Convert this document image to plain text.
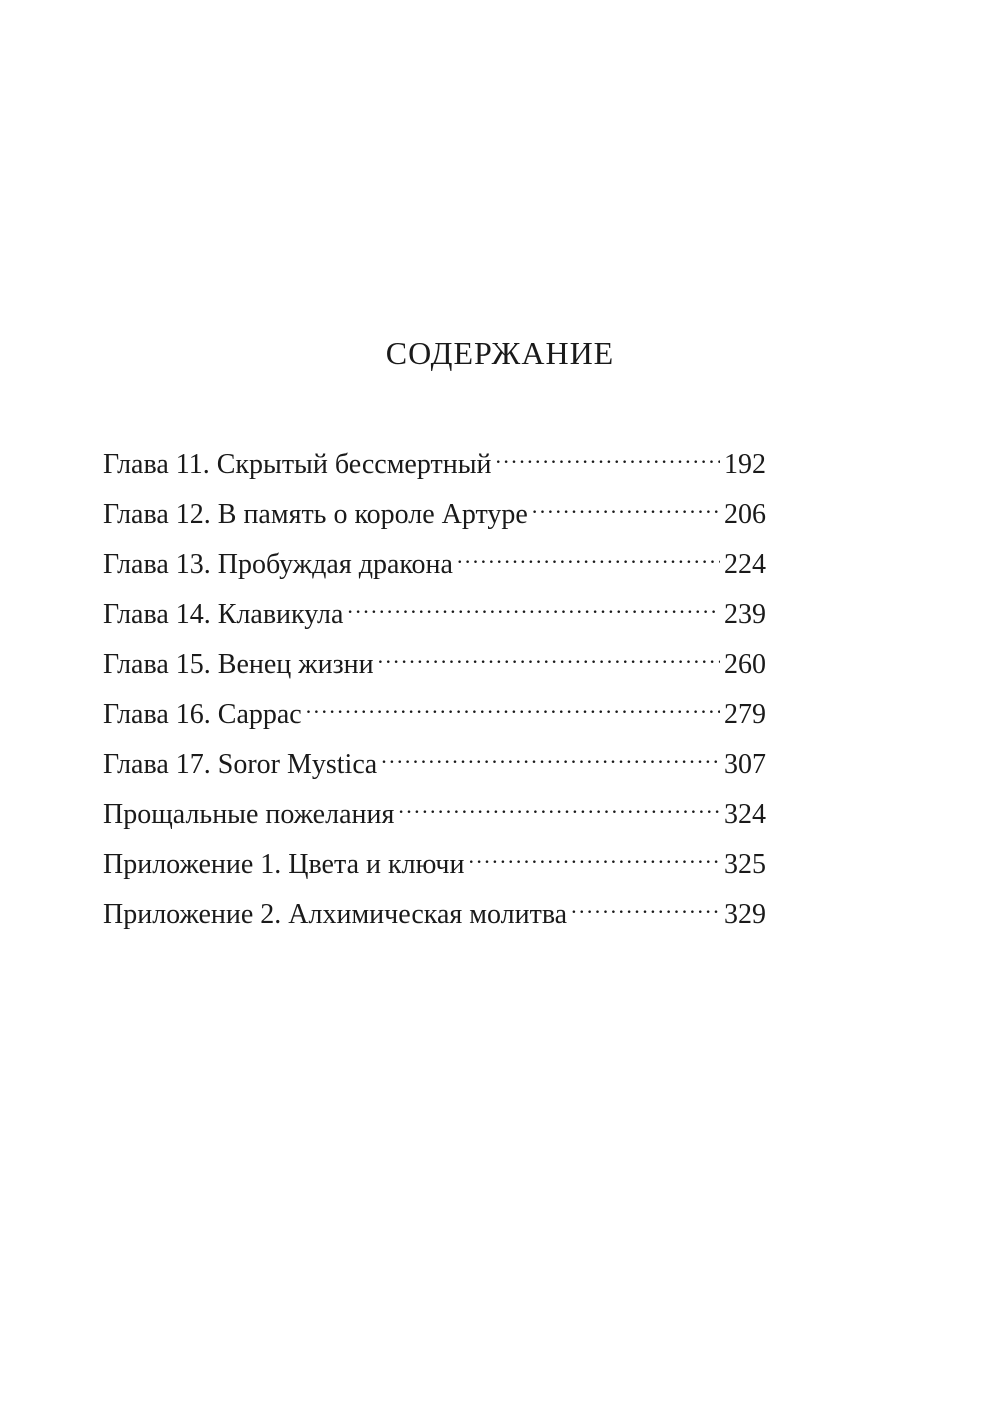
СОДЕРЖАНИЕ
Глава 11. Скрытый бессмертный .....	192
Глава 12. В память о короле Артуре .....	206
Глава 13. Пробуждая дракона .....	224
Глава 14. Клавикула .....	239
Глава 15. Венец жизни .....	260
Глава 16. Саррас .....	279
Глава 17. Soror Mystica .....	307
Прощальные пожелания .....	324
Приложение 1. Цвета и ключи .....	325
Приложение 2. Алхимическая молитва .....	329
